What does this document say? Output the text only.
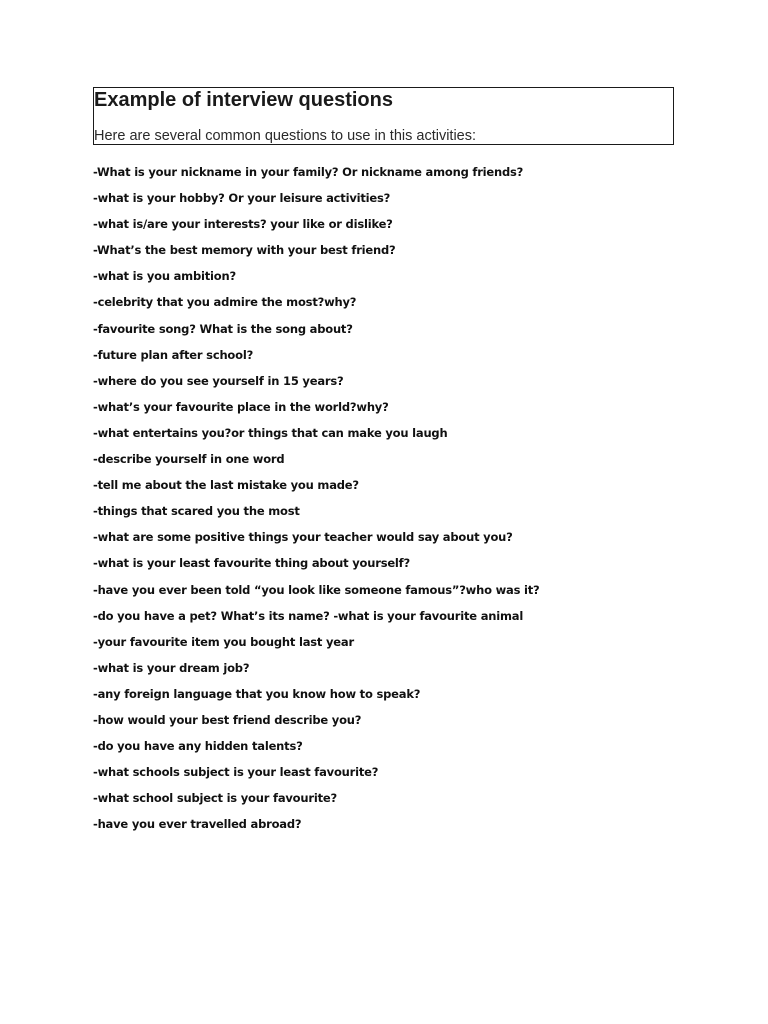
Example of interview questions
Here are several common questions to use in this activities:
-What is your nickname in your family? Or nickname among friends?
-what is your hobby? Or your leisure activities?
-what is/are your interests? your like or dislike?
-What’s the best memory with your best friend?
-what is you ambition?
-celebrity that you admire the most?why?
-favourite song? What is the song about?
-future plan after school?
-where do you see yourself in 15 years?
-what’s your favourite place in the world?why?
-what entertains you?or things that can make you laugh
-describe yourself in one word
-tell me about the last mistake you made?
-things that scared you the most
-what are some positive things your teacher would say about you?
-what is your least favourite thing about yourself?
-have you ever been told “you look like someone famous”?who was it?
-do you have a pet? What’s its name? -what is your favourite animal
-your favourite item you bought last year
-what is your dream job?
-any foreign language that you know how to speak?
-how would your best friend describe you?
-do you have any hidden talents?
-what schools subject is your least favourite?
-what school subject is your favourite?
-have you ever travelled abroad?
